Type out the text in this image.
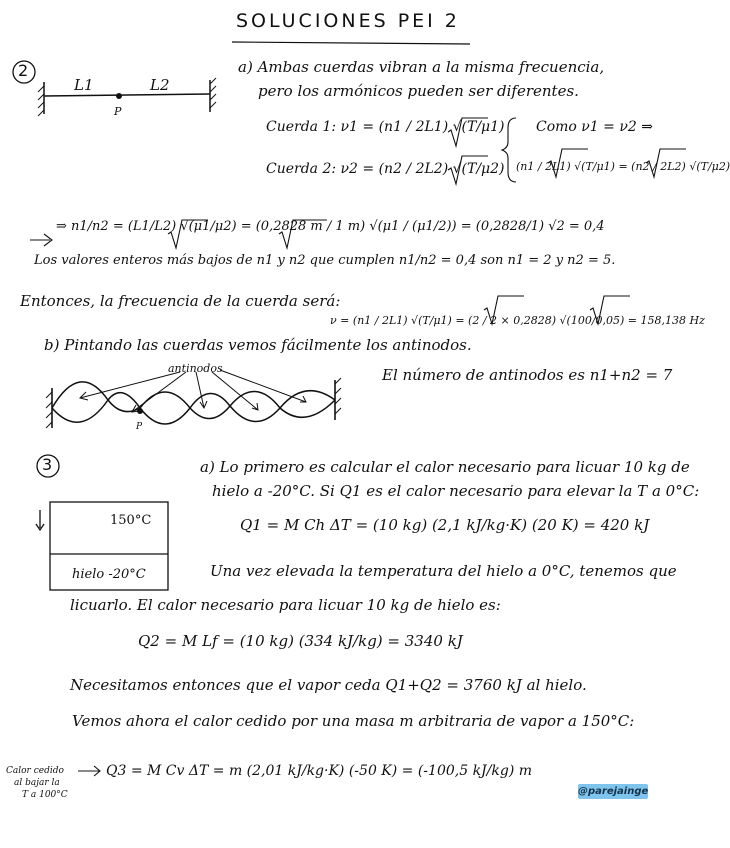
SOLUCIONES PEI 2
2
L1	L2
P
a) Ambas cuerdas vibran a la misma frecuencia,
pero los armónicos pueden ser diferentes.
Cuerda 1: ν1 = (n1 / 2L1) √(T/μ1)
Cuerda 2: ν2 = (n2 / 2L2) √(T/μ2)
Como ν1 = ν2 ⇒
(n1 / 2L1) √(T/μ1) = (n2 / 2L2) √(T/μ2)
⇒ n1/n2 = (L1/L2) √(μ1/μ2) = (0,2828 m / 1 m) √(μ1 / (μ1/2)) = (0,2828/1) √2 = 0,4
Los valores enteros más bajos de n1 y n2 que cumplen n1/n2 = 0,4 son n1 = 2 y n2 = 5.
Entonces, la frecuencia de la cuerda será:
ν = (n1 / 2L1) √(T/μ1) = (2 / 2 × 0,2828) √(100/0,05) = 158,138 Hz
b) Pintando las cuerdas vemos fácilmente los antinodos.
antinodos	El número de antinodos es n1+n2 = 7
P
3	a) Lo primero es calcular el calor necesario para licuar 10 kg de
hielo a -20°C. Si Q1 es el calor necesario para elevar la T a 0°C:
150°C
hielo -20°C
Q1 = M Ch ΔT = (10 kg) (2,1 kJ/kg·K) (20 K) = 420 kJ
Una vez elevada la temperatura del hielo a 0°C, tenemos que
licuarlo. El calor necesario para licuar 10 kg de hielo es:
Q2 = M Lf = (10 kg) (334 kJ/kg) = 3340 kJ
Necesitamos entonces que el vapor ceda Q1+Q2 = 3760 kJ al hielo.
Vemos ahora el calor cedido por una masa m arbitraria de vapor a 150°C:
Calor cedido
al bajar la
T a 100°C
Q3 = M Cv ΔT = m (2,01 kJ/kg·K) (-50 K) = (-100,5 kJ/kg) m
@parejainge
